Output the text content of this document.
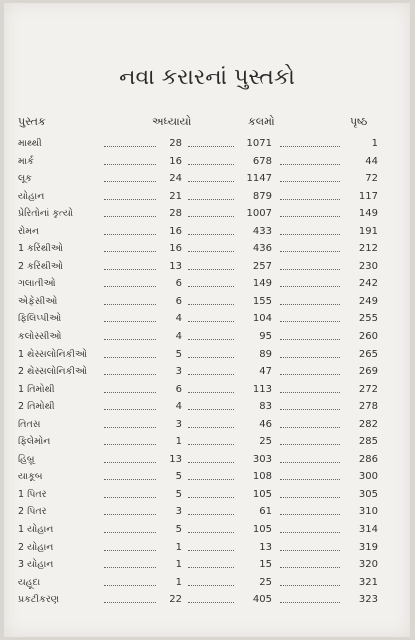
નવા કરારનાં પુસ્તકો
પુસ્તક	અધ્યાયો	કલમો	પૃષ્ઠ
માથ્થી	28	1071	1
માર્ક	16	678	44
લૂક	24	1147	72
યોહાન	21	879	117
પ્રેરિતોનાં કૃત્યો	28	1007	149
રોમન	16	433	191
1 કરિંથીઓ	16	436	212
2 કરિંથીઓ	13	257	230
ગલાતીઓ	6	149	242
એફેસીઓ	6	155	249
ફિલિપ્પીઓ	4	104	255
કલોસ્સીઓ	4	95	260
1 થેસ્સલોનિકીઓ	5	89	265
2 થેસ્સલોનિકીઓ	3	47	269
1 તિમોથી	6	113	272
2 તિમોથી	4	83	278
તિતસ	3	46	282
ફિલેમોન	1	25	285
હિબ્રૂ	13	303	286
યાકૂબ	5	108	300
1 પિતર	5	105	305
2 પિતર	3	61	310
1 યોહાન	5	105	314
2 યોહાન	1	13	319
3 યોહાન	1	15	320
યહૂદા	1	25	321
પ્રકટીકરણ	22	405	323
